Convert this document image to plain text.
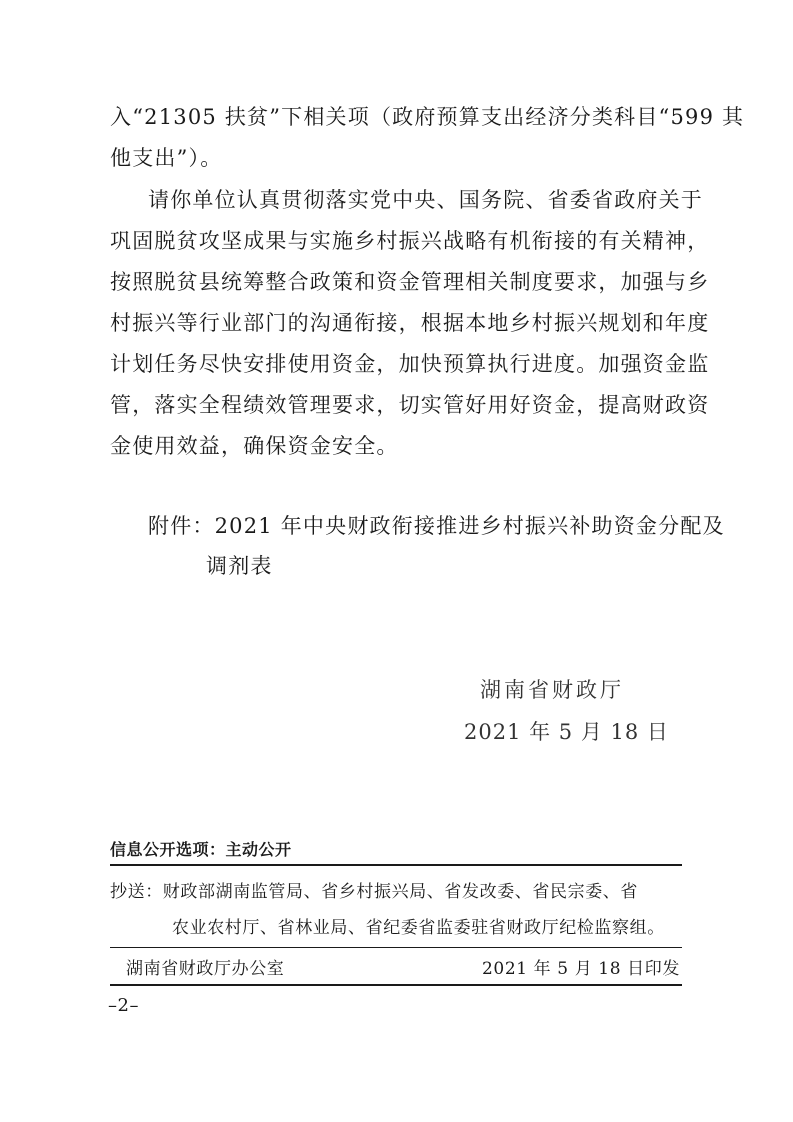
入“21305 扶贫”下相关项（政府预算支出经济分类科目“599 其
他支出”）。
请你单位认真贯彻落实党中央、国务院、省委省政府关于
巩固脱贫攻坚成果与实施乡村振兴战略有机衔接的有关精神，
按照脱贫县统筹整合政策和资金管理相关制度要求，加强与乡
村振兴等行业部门的沟通衔接，根据本地乡村振兴规划和年度
计划任务尽快安排使用资金，加快预算执行进度。加强资金监
管，落实全程绩效管理要求，切实管好用好资金，提高财政资
金使用效益，确保资金安全。
附件：2021 年中央财政衔接推进乡村振兴补助资金分配及
调剂表
湖南省财政厅
2021 年 5 月 18 日
信息公开选项：主动公开
抄送：财政部湖南监管局、省乡村振兴局、省发改委、省民宗委、省
农业农村厅、省林业局、省纪委省监委驻省财政厅纪检监察组。
湖南省财政厅办公室	2021 年 5 月 18 日印发
–2–
